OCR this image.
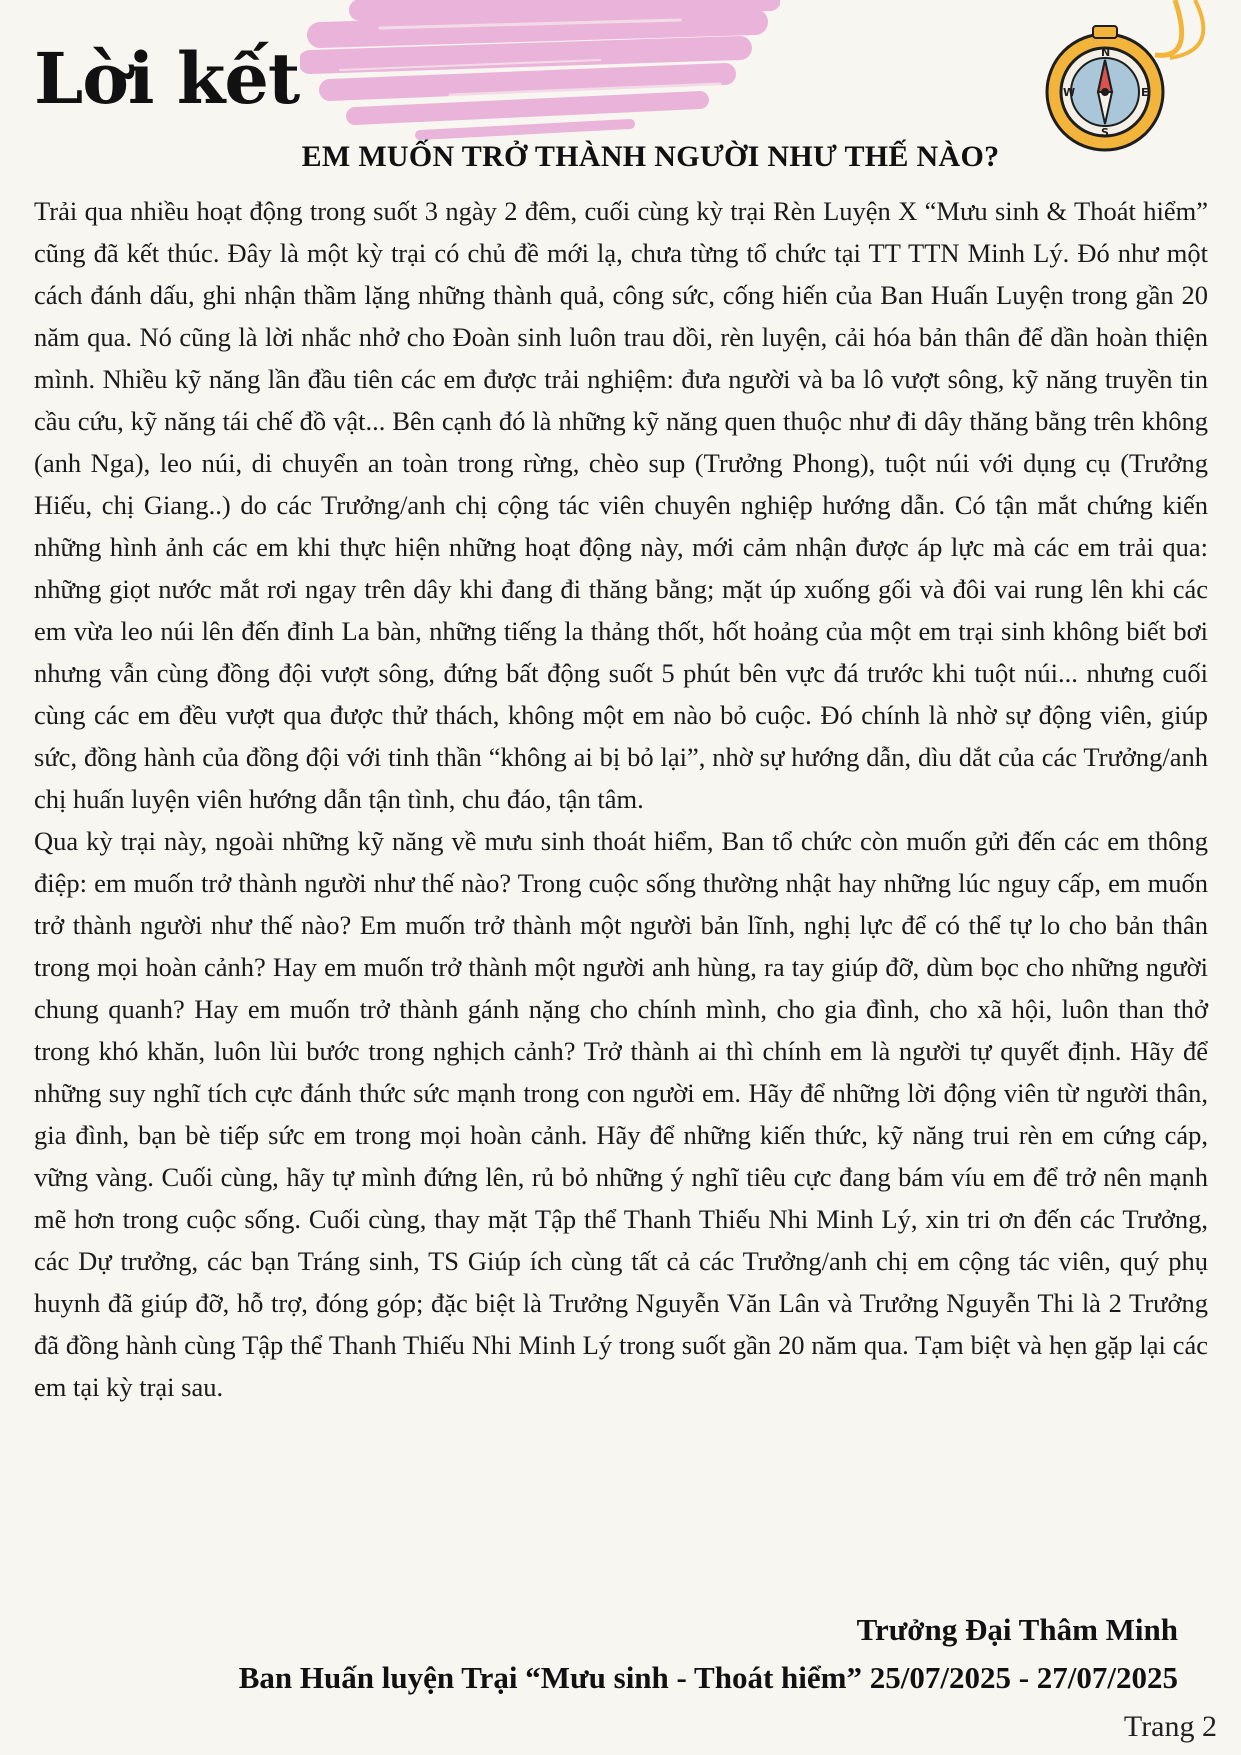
N
S
W	E
Lời kết
EM MUỐN TRỞ THÀNH NGƯỜI NHƯ THẾ NÀO?

Trải qua nhiều hoạt động trong suốt 3 ngày 2 đêm, cuối cùng kỳ trại Rèn Luyện X “Mưu sinh & Thoát hiểm” cũng đã kết thúc. Đây là một kỳ trại có chủ đề mới lạ, chưa từng tổ chức tại TT TTN Minh Lý. Đó như một cách đánh dấu, ghi nhận thầm lặng những thành quả, công sức, cống hiến của Ban Huấn Luyện trong gần 20 năm qua. Nó cũng là lời nhắc nhở cho Đoàn sinh luôn trau dồi, rèn luyện, cải hóa bản thân để dần hoàn thiện mình. Nhiều kỹ năng lần đầu tiên các em được trải nghiệm: đưa người và ba lô vượt sông, kỹ năng truyền tin cầu cứu, kỹ năng tái chế đồ vật... Bên cạnh đó là những kỹ năng quen thuộc như đi dây thăng bằng trên không (anh Nga), leo núi, di chuyển an toàn trong rừng, chèo sup (Trưởng Phong), tuột núi với dụng cụ (Trưởng Hiếu, chị Giang..) do các Trưởng/anh chị cộng tác viên chuyên nghiệp hướng dẫn. Có tận mắt chứng kiến những hình ảnh các em khi thực hiện những hoạt động này, mới cảm nhận được áp lực mà các em trải qua: những giọt nước mắt rơi ngay trên dây khi đang đi thăng bằng; mặt úp xuống gối và đôi vai rung lên khi các em vừa leo núi lên đến đỉnh La bàn, những tiếng la thảng thốt, hốt hoảng của một em trại sinh không biết bơi nhưng vẫn cùng đồng đội vượt sông, đứng bất động suốt 5 phút bên vực đá trước khi tuột núi... nhưng cuối cùng các em đều vượt qua được thử thách, không một em nào bỏ cuộc. Đó chính là nhờ sự động viên, giúp sức, đồng hành của đồng đội với tinh thần “không ai bị bỏ lại”, nhờ sự hướng dẫn, dìu dắt của các Trưởng/anh chị huấn luyện viên hướng dẫn tận tình, chu đáo, tận tâm.

Qua kỳ trại này, ngoài những kỹ năng về mưu sinh thoát hiểm, Ban tổ chức còn muốn gửi đến các em thông điệp: em muốn trở thành người như thế nào? Trong cuộc sống thường nhật hay những lúc nguy cấp, em muốn trở thành người như thế nào? Em muốn trở thành một người bản lĩnh, nghị lực để có thể tự lo cho bản thân trong mọi hoàn cảnh? Hay em muốn trở thành một người anh hùng, ra tay giúp đỡ, dùm bọc cho những người chung quanh? Hay em muốn trở thành gánh nặng cho chính mình, cho gia đình, cho xã hội, luôn than thở trong khó khăn, luôn lùi bước trong nghịch cảnh? Trở thành ai thì chính em là người tự quyết định. Hãy để những suy nghĩ tích cực đánh thức sức mạnh trong con người em. Hãy để những lời động viên từ người thân, gia đình, bạn bè tiếp sức em trong mọi hoàn cảnh. Hãy để những kiến thức, kỹ năng trui rèn em cứng cáp, vững vàng. Cuối cùng, hãy tự mình đứng lên, rủ bỏ những ý nghĩ tiêu cực đang bám víu em để trở nên mạnh mẽ hơn trong cuộc sống. Cuối cùng, thay mặt Tập thể Thanh Thiếu Nhi Minh Lý, xin tri ơn đến các Trưởng, các Dự trưởng, các bạn Tráng sinh, TS Giúp ích cùng tất cả các Trưởng/anh chị em cộng tác viên, quý phụ huynh đã giúp đỡ, hỗ trợ, đóng góp; đặc biệt là Trưởng Nguyễn Văn Lân và Trưởng Nguyễn Thi là 2 Trưởng đã đồng hành cùng Tập thể Thanh Thiếu Nhi Minh Lý trong suốt gần 20 năm qua. Tạm biệt và hẹn gặp lại các em tại kỳ trại sau.

Trưởng Đại Thâm Minh
Ban Huấn luyện Trại “Mưu sinh - Thoát hiểm” 25/07/2025 - 27/07/2025
Trang 2
